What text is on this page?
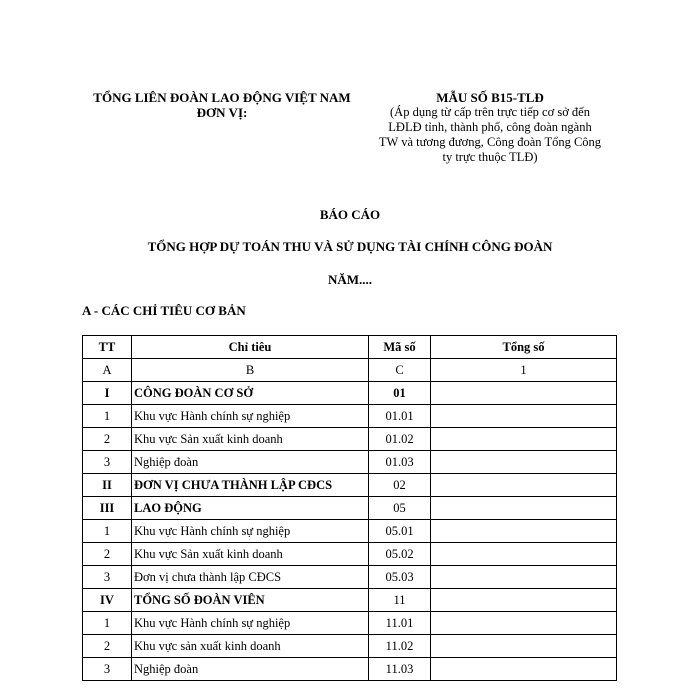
TỔNG LIÊN ĐOÀN LAO ĐỘNG VIỆT NAM
ĐƠN VỊ:
MẪU SỐ B15-TLĐ
(Áp dụng từ cấp trên trực tiếp cơ sở đến
LĐLĐ tỉnh, thành phố, công đoàn ngành
TW và tương đương, Công đoàn Tổng Công
ty trực thuộc TLĐ)
BÁO CÁO
TỔNG HỢP DỰ TOÁN THU VÀ SỬ DỤNG TÀI CHÍNH CÔNG ĐOÀN
NĂM....
A - CÁC CHỈ TIÊU CƠ BẢN
TT	Chỉ tiêu	Mã số	Tổng số
A	B	C	1
I	CÔNG ĐOÀN CƠ SỞ	01	
1	Khu vực Hành chính sự nghiệp	01.01	
2	Khu vực Sản xuất kinh doanh	01.02	
3	Nghiệp đoàn	01.03	
II	ĐƠN VỊ CHƯA THÀNH LẬP CĐCS	02	
III	LAO ĐỘNG	05	
1	Khu vực Hành chính sự nghiệp	05.01	
2	Khu vực Sản xuất kinh doanh	05.02	
3	Đơn vị chưa thành lập CĐCS	05.03	
IV	TỔNG SỐ ĐOÀN VIÊN	11	
1	Khu vực Hành chính sự nghiệp	11.01	
2	Khu vực sản xuất kinh doanh	11.02	
3	Nghiệp đoàn	11.03	
